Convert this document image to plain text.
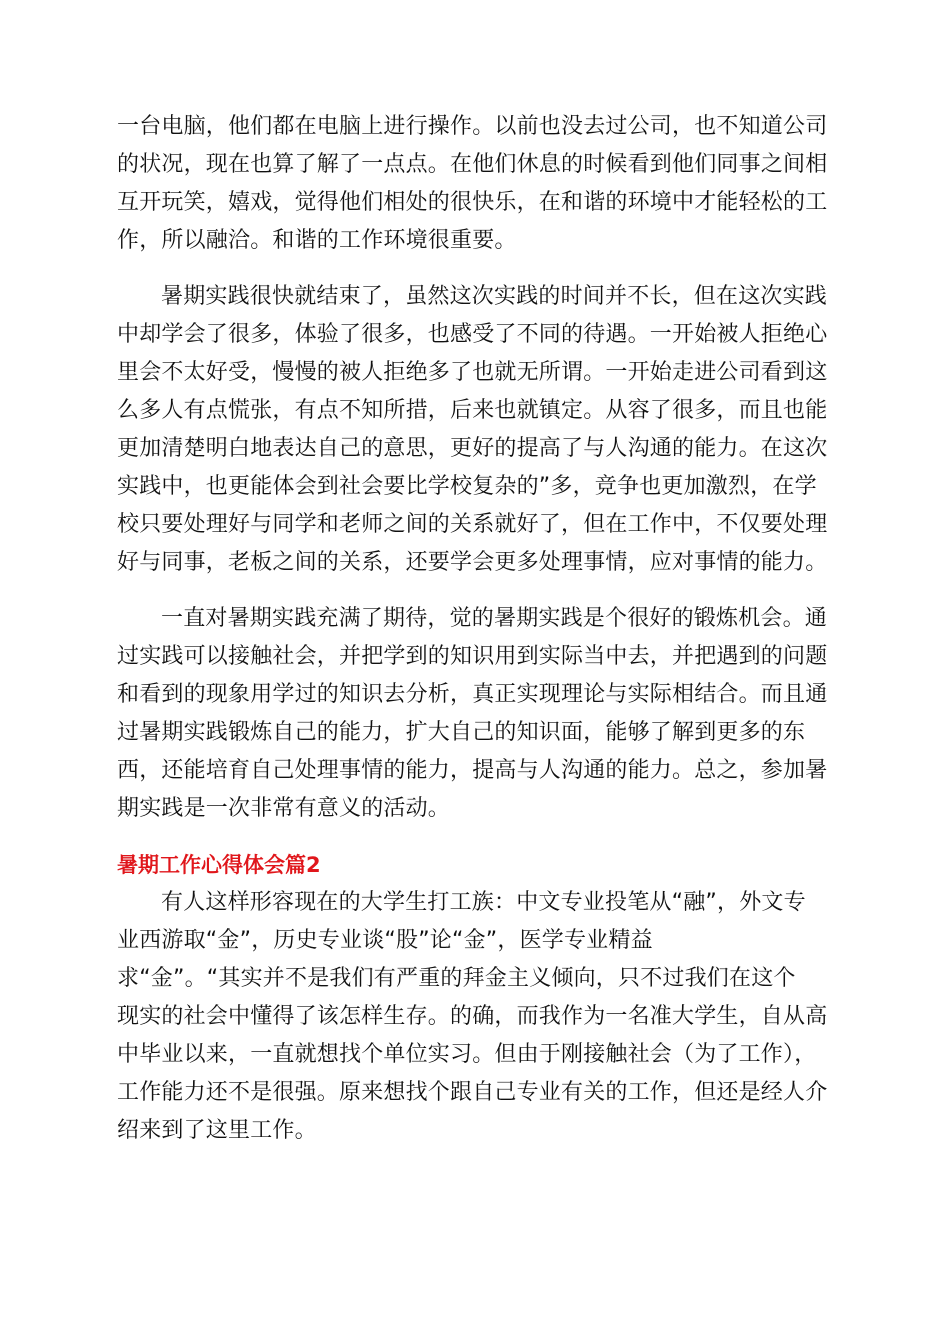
一台电脑，他们都在电脑上进行操作。以前也没去过公司，也不知道公司
的状况，现在也算了解了一点点。在他们休息的时候看到他们同事之间相
互开玩笑，嬉戏，觉得他们相处的很快乐，在和谐的环境中才能轻松的工
作，所以融洽。和谐的工作环境很重要。
暑期实践很快就结束了，虽然这次实践的时间并不长，但在这次实践
中却学会了很多，体验了很多，也感受了不同的待遇。一开始被人拒绝心
里会不太好受，慢慢的被人拒绝多了也就无所谓。一开始走进公司看到这
么多人有点慌张，有点不知所措，后来也就镇定。从容了很多，而且也能
更加清楚明白地表达自己的意思，更好的提高了与人沟通的能力。在这次
实践中，也更能体会到社会要比学校复杂的”多，竞争也更加激烈，在学
校只要处理好与同学和老师之间的关系就好了，但在工作中，不仅要处理
好与同事，老板之间的关系，还要学会更多处理事情，应对事情的能力。
一直对暑期实践充满了期待，觉的暑期实践是个很好的锻炼机会。通
过实践可以接触社会，并把学到的知识用到实际当中去，并把遇到的问题
和看到的现象用学过的知识去分析，真正实现理论与实际相结合。而且通
过暑期实践锻炼自己的能力，扩大自己的知识面，能够了解到更多的东
西，还能培育自己处理事情的能力，提高与人沟通的能力。总之，参加暑
期实践是一次非常有意义的活动。
暑期工作心得体会篇2
有人这样形容现在的大学生打工族：中文专业投笔从“融”，外文专
业西游取“金”，历史专业谈“股”论“金”，医学专业精益
求“金”。“其实并不是我们有严重的拜金主义倾向，只不过我们在这个
现实的社会中懂得了该怎样生存。的确，而我作为一名准大学生，自从高
中毕业以来，一直就想找个单位实习。但由于刚接触社会（为了工作），
工作能力还不是很强。原来想找个跟自己专业有关的工作，但还是经人介
绍来到了这里工作。
